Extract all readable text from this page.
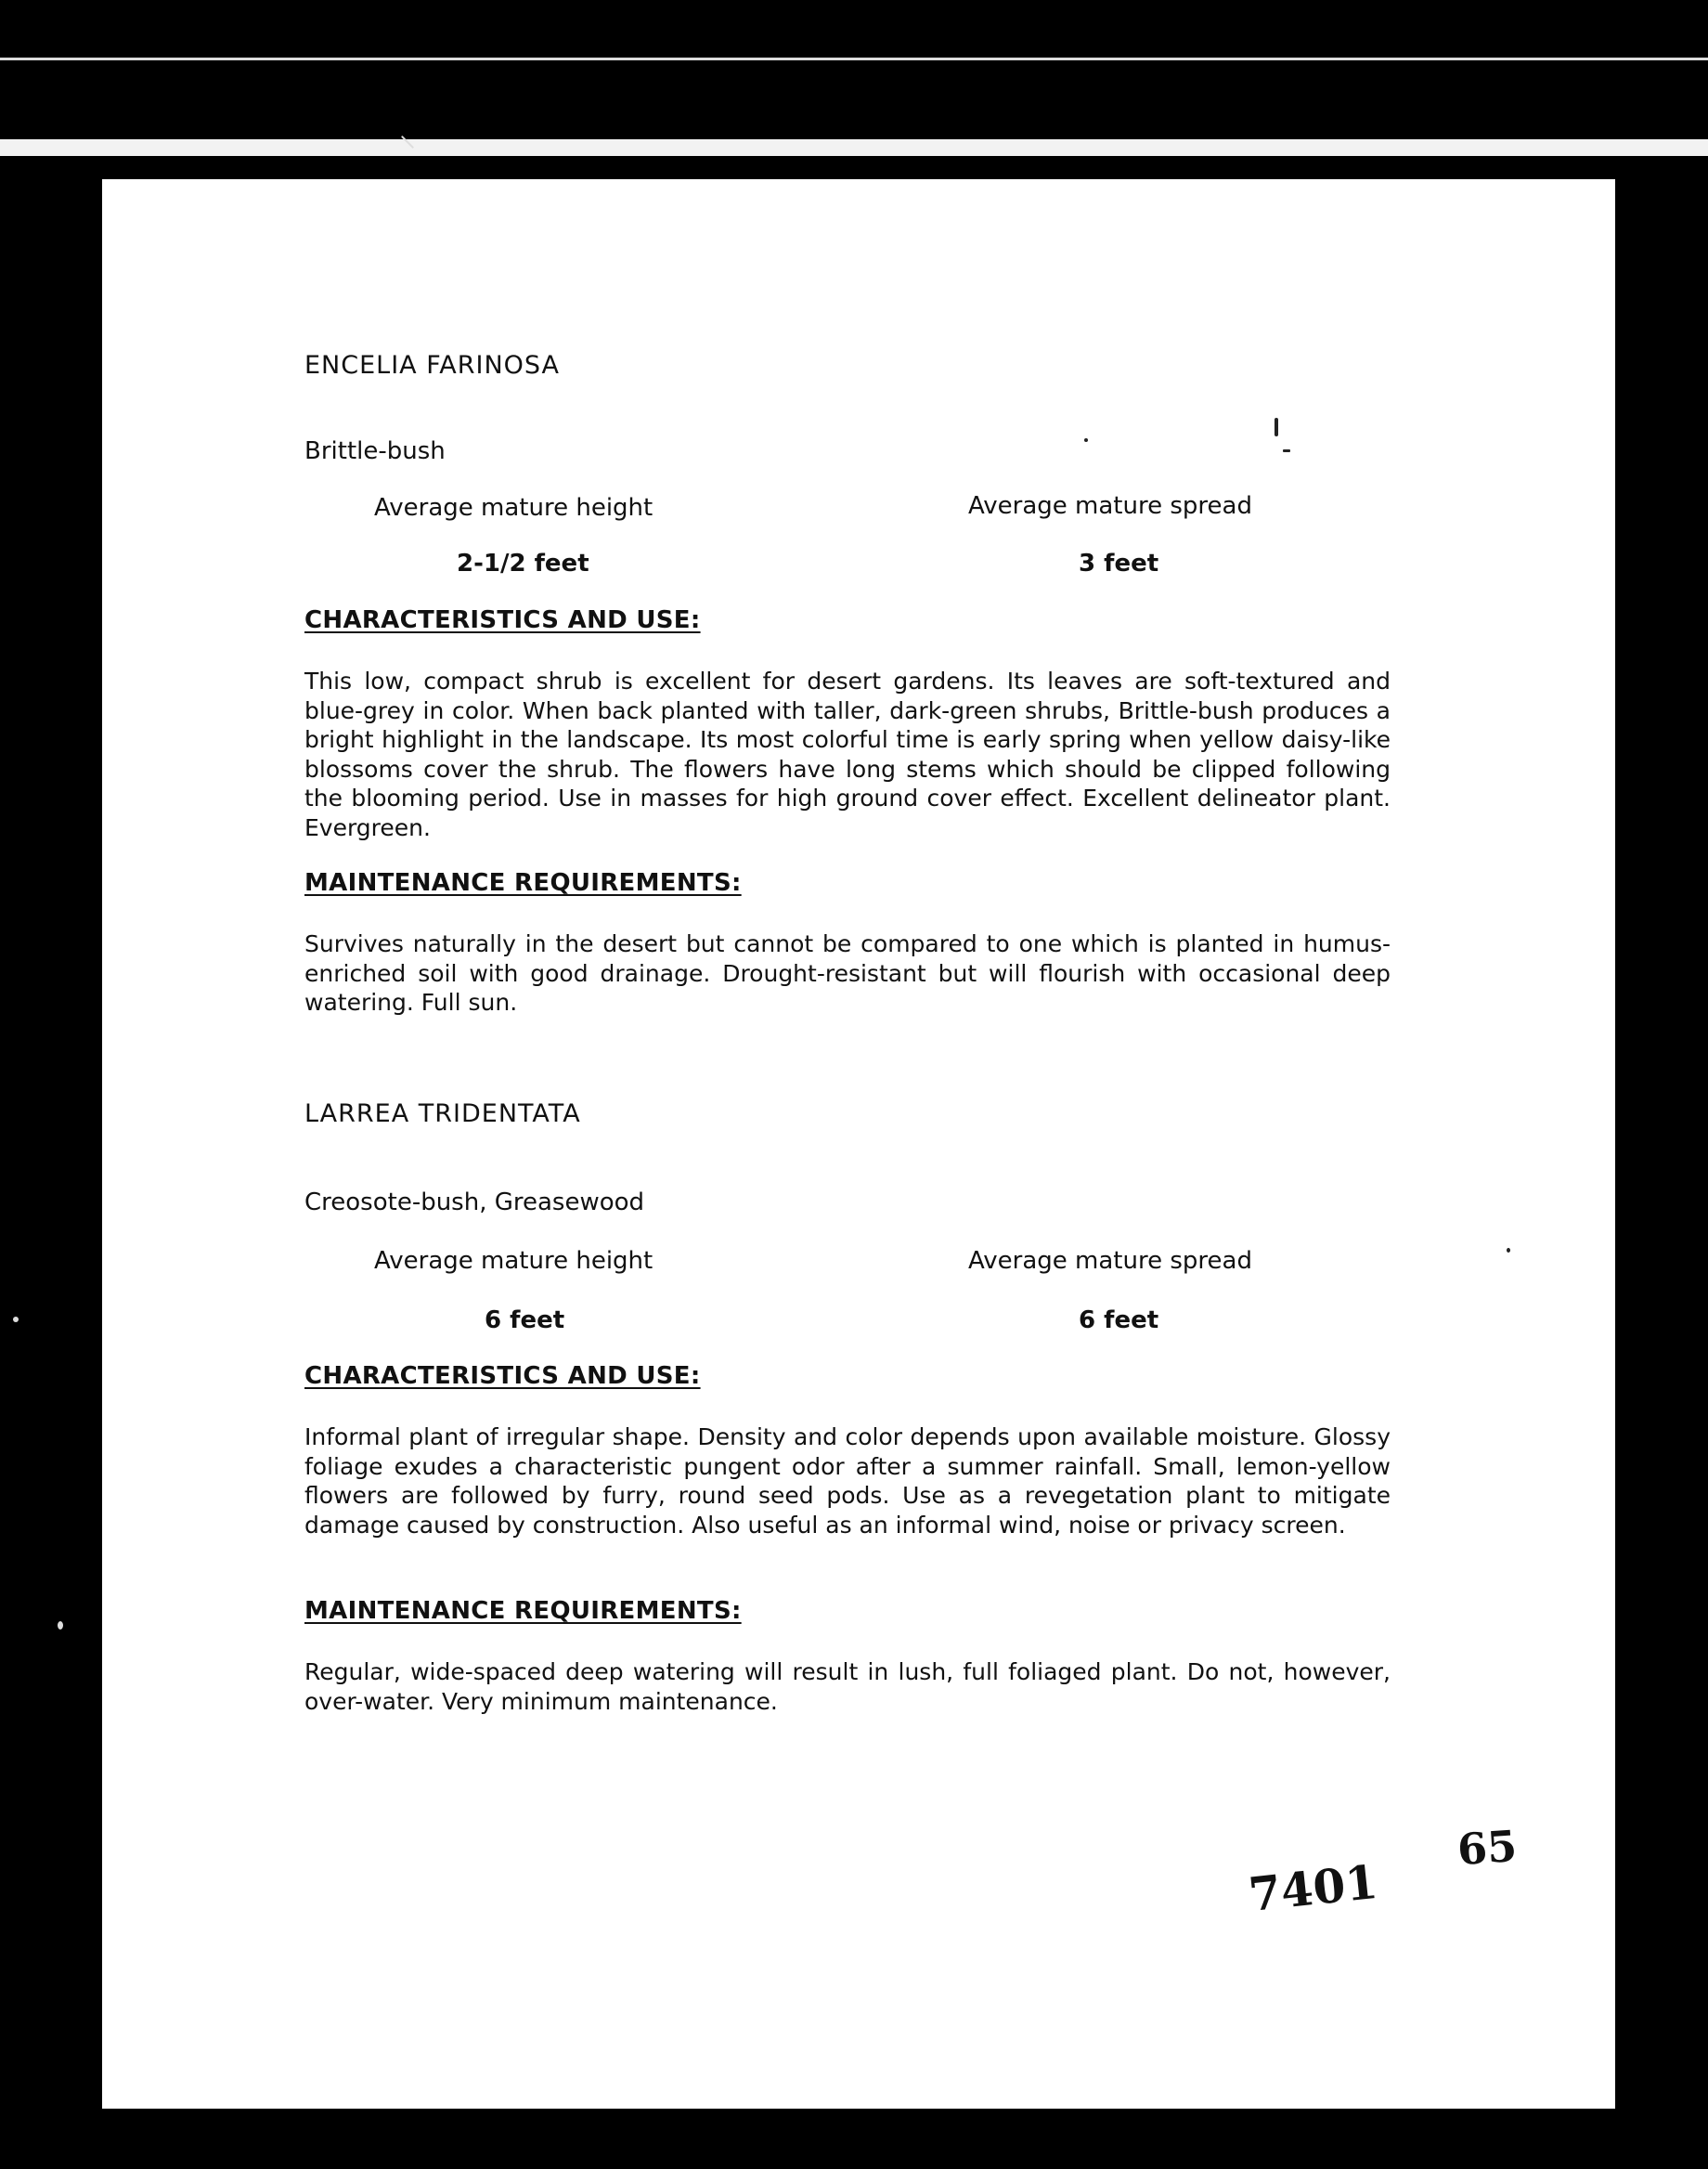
ENCELIA FARINOSA

Brittle-bush

Average mature height	Average mature spread

2-1/2 feet	3 feet

CHARACTERISTICS AND USE:

This low, compact shrub is excellent for desert gardens. Its leaves are soft-textured and blue-grey in color. When back planted with taller, dark-green shrubs, Brittle-bush produces a bright highlight in the landscape. Its most colorful time is early spring when yellow daisy-like blossoms cover the shrub. The flowers have long stems which should be clipped following the blooming period. Use in masses for high ground cover effect. Excellent delineator plant. Evergreen.

MAINTENANCE REQUIREMENTS:

Survives naturally in the desert but cannot be compared to one which is planted in humus-enriched soil with good drainage. Drought-resistant but will flourish with occasional deep watering. Full sun.

LARREA TRIDENTATA

Creosote-bush, Greasewood

Average mature height	Average mature spread

6 feet	6 feet

CHARACTERISTICS AND USE:

Informal plant of irregular shape. Density and color depends upon available moisture. Glossy foliage exudes a characteristic pungent odor after a summer rainfall. Small, lemon-yellow flowers are followed by furry, round seed pods. Use as a revegetation plant to mitigate damage caused by construction. Also useful as an informal wind, noise or privacy screen.

MAINTENANCE REQUIREMENTS:

Regular, wide-spaced deep watering will result in lush, full foliaged plant. Do not, however, over-water. Very minimum maintenance.

7401

65
